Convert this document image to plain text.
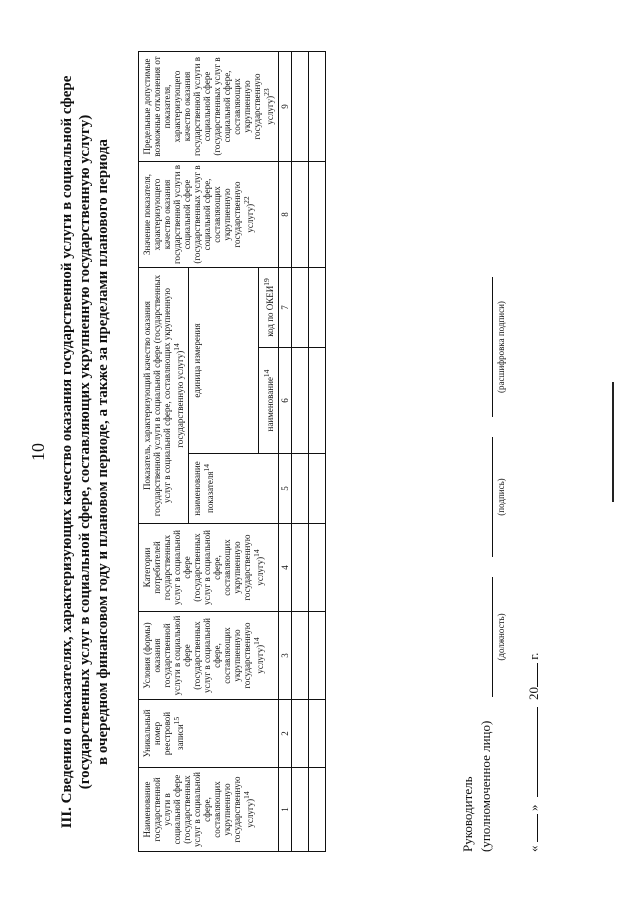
10 III. Сведения о показателях, характеризующих качество оказания государственной услуги в социальной сфере (государственных услуг в социальной сфере, составляющих укрупненную государственную услугу) в очередном финансовом году и плановом периоде, а также за пределами планового периода
Наименование государственной услуги в социальной сфере (государственных услуг в социальной сфере, составляющих укрупненную государственную услугу)$^{14}$	Уникальный номер реестровой записи$^{15}$	Условия (формы) оказания государственной услуги в социальной сфере (государственных услуг в социальной сфере, составляющих укрупненную государственную услугу)$^{14}$	Категории потребителей государственных услуг в социальной сфере (государственных услуг в социальной сфере, составляющих укрупненную государственную услугу)$^{14}$	Показатель, характеризующий качество оказания государственной услуги в социальной сфере (государственных услуг в социальной сфере, составляющих укрупненную государственную услугу)$^{14}$			Значение показателя, характеризующего качество оказания государственной услуги в социальной сфере (государственных услуг в социальной сфере, составляющих укрупненную государственную услугу)$^{22}$	Предельные допустимые возможные отклонения от показателя, характеризующего качество оказания государственной услуги в социальной сфере (государственных услуг в социальной сфере, составляющих укрупненную государственную услугу)$^{23}$
				наименование показателя$^{14}$	единица измерения			
					наименование$^{14}$	код по ОКЕИ$^{19}$
1	2	3	4	5	6	7	8	9

Руководитель (уполномоченное лицо)
(должность)
(подпись)
(расшифровка подписи)
«  »  20 г.
